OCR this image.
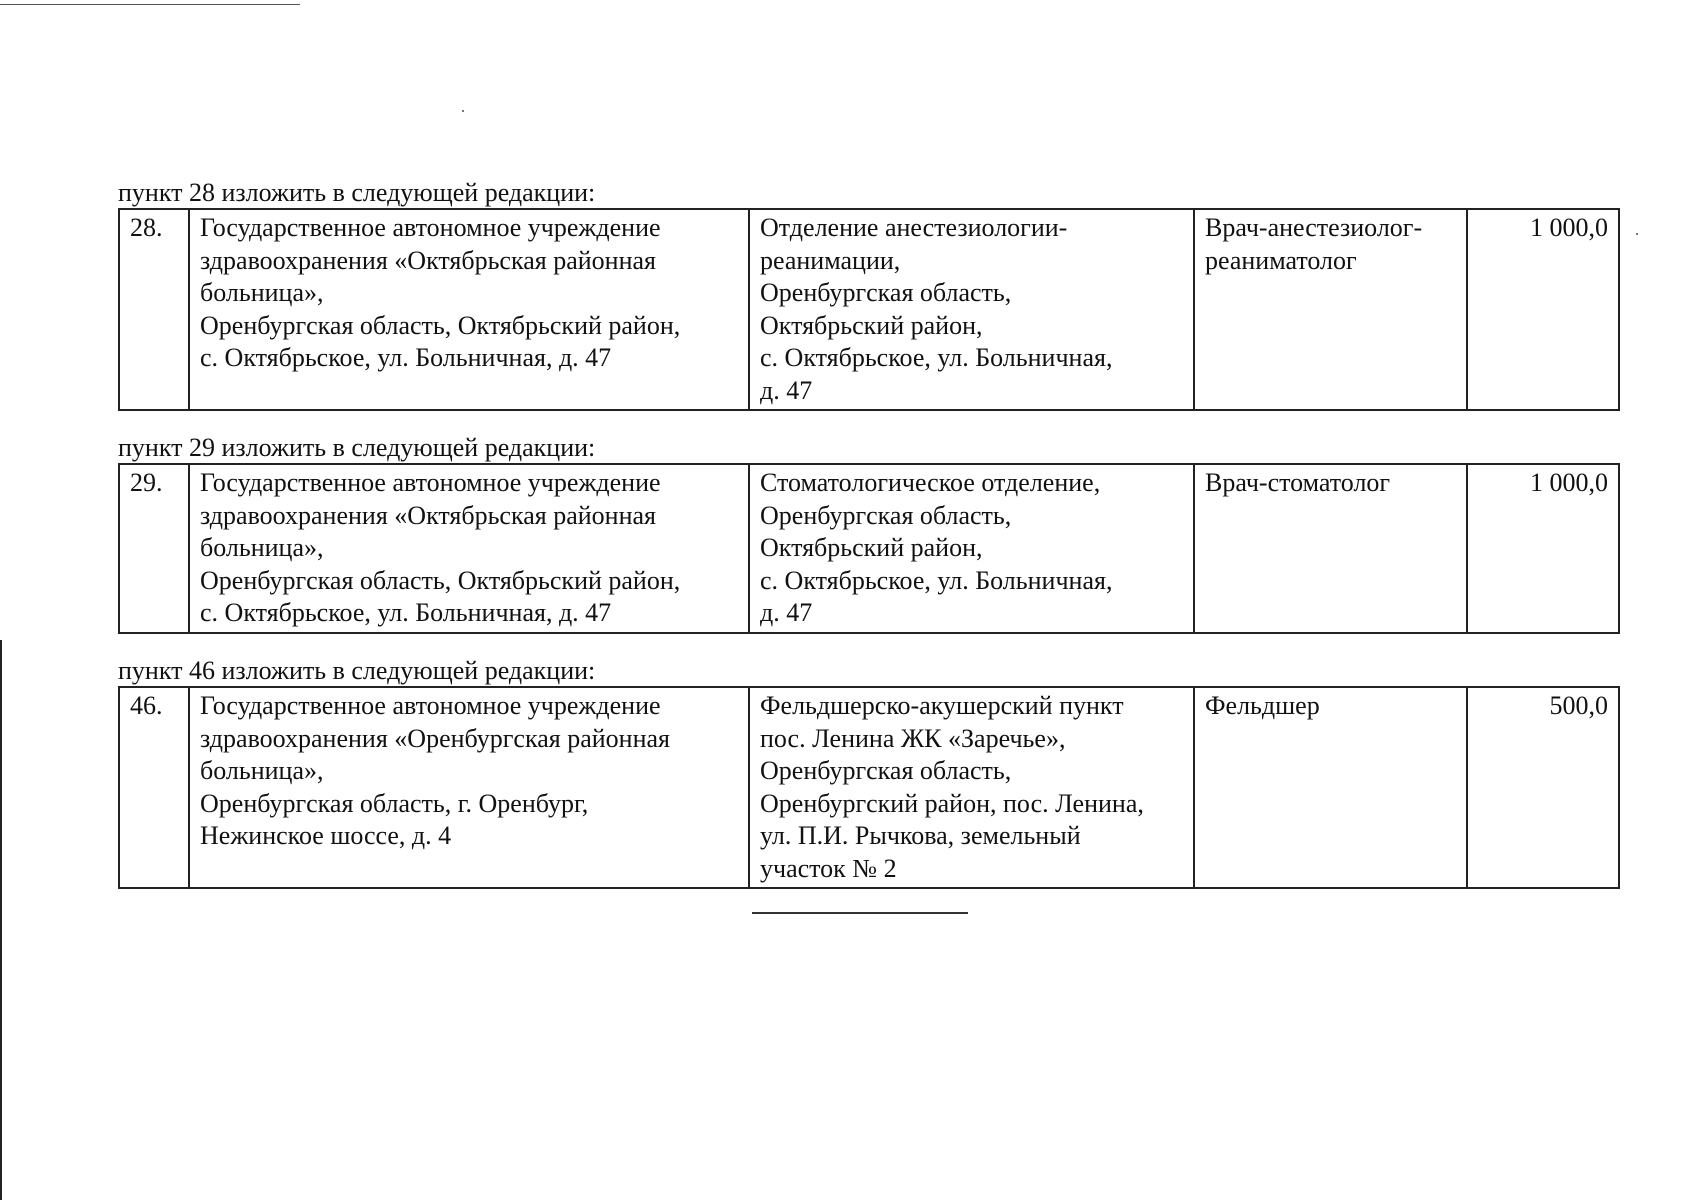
пункт 28 изложить в следующей редакции:
28.	Государственное автономное учреждение
здравоохранения «Октябрьская районная
больница»,
Оренбургская область, Октябрьский район,
с. Октябрьское, ул. Больничная, д. 47	Отделение анестезиологии-
реанимации,
Оренбургская область,
Октябрьский район,
с. Октябрьское, ул. Больничная,
д. 47	Врач-анестезиолог-
реаниматолог	1 000,0
пункт 29 изложить в следующей редакции:
29.	Государственное автономное учреждение
здравоохранения «Октябрьская районная
больница»,
Оренбургская область, Октябрьский район,
с. Октябрьское, ул. Больничная, д. 47	Стоматологическое отделение,
Оренбургская область,
Октябрьский район,
с. Октябрьское, ул. Больничная,
д. 47	Врач-стоматолог	1 000,0
пункт 46 изложить в следующей редакции:
46.	Государственное автономное учреждение
здравоохранения «Оренбургская районная
больница»,
Оренбургская область, г. Оренбург,
Нежинское шоссе, д. 4	Фельдшерско-акушерский пункт
пос. Ленина ЖК «Заречье»,
Оренбургская область,
Оренбургский район, пос. Ленина,
ул. П.И. Рычкова, земельный
участок № 2	Фельдшер	500,0
